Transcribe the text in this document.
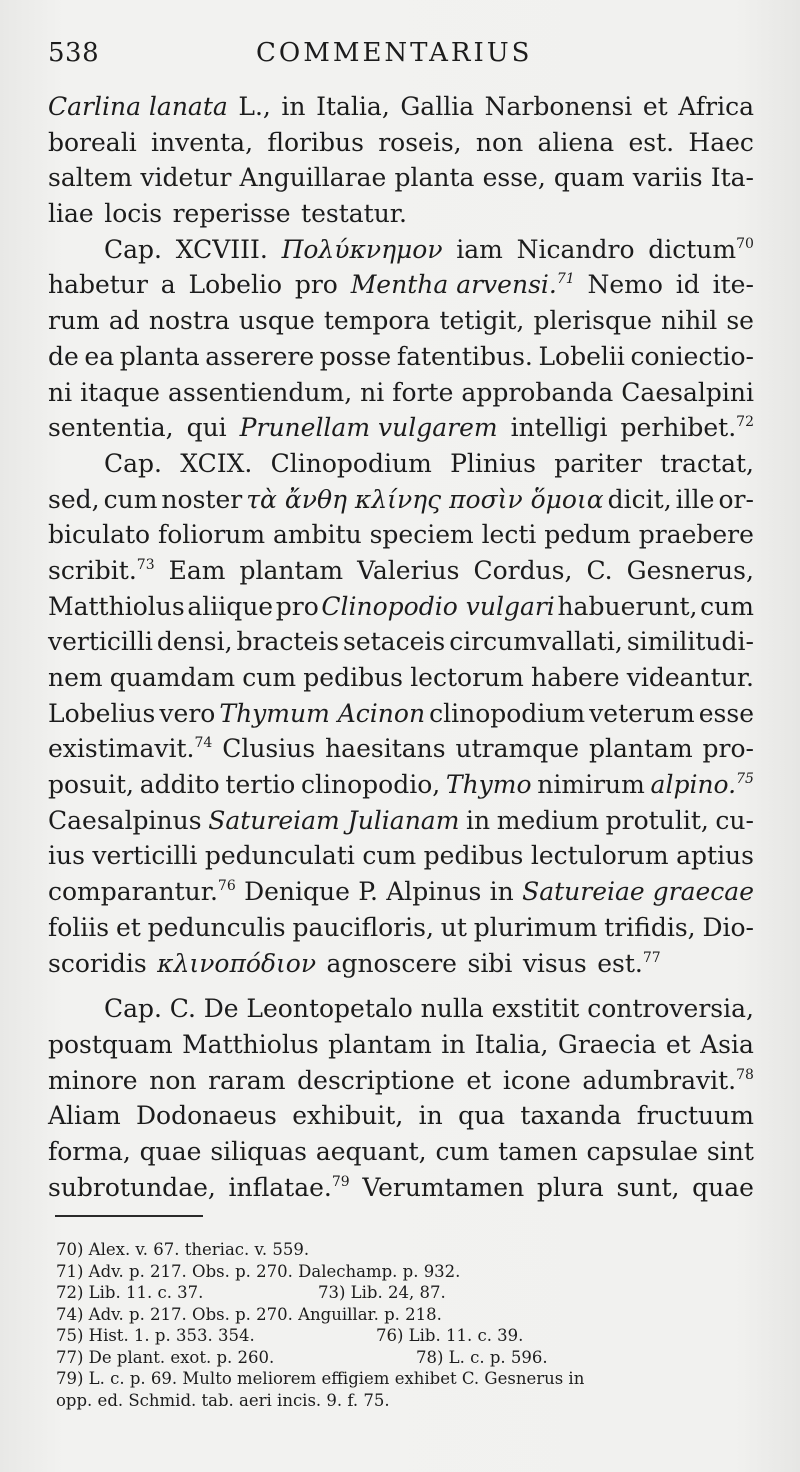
538	COMMENTARIUS
Carlina lanata L., in Italia, Gallia Narbonensi et Africa
boreali inventa, floribus roseis, non aliena est. Haec
saltem videtur Anguillarae planta esse, quam variis Ita-
liae locis reperisse testatur.
Cap. XCVIII. Πολύκνημον iam Nicandro dictum$^{70}$
habetur a Lobelio pro Mentha arvensi.$^{71}$ Nemo id ite-
rum ad nostra usque tempora tetigit, plerisque nihil se
de ea planta asserere posse fatentibus. Lobelii coniectio-
ni itaque assentiendum, ni forte approbanda Caesalpini
sententia, qui Prunellam vulgarem intelligi perhibet.$^{72}$
Cap. XCIX. Clinopodium Plinius pariter tractat,
sed, cum noster τὰ ἄνθη κλίνης ποσὶν ὅμοια dicit, ille or-
biculato foliorum ambitu speciem lecti pedum praebere
scribit.$^{73}$ Eam plantam Valerius Cordus, C. Gesnerus,
Matthiolus aliique pro Clinopodio vulgari habuerunt, cum
verticilli densi, bracteis setaceis circumvallati, similitudi-
nem quamdam cum pedibus lectorum habere videantur.
Lobelius vero Thymum Acinon clinopodium veterum esse
existimavit.$^{74}$ Clusius haesitans utramque plantam pro-
posuit, addito tertio clinopodio, Thymo nimirum alpino.$^{75}$
Caesalpinus Satureiam Julianam in medium protulit, cu-
ius verticilli pedunculati cum pedibus lectulorum aptius
comparantur.$^{76}$ Denique P. Alpinus in Satureiae graecae
foliis et pedunculis paucifloris, ut plurimum trifidis, Dio-
scoridis κλινοπόδιον agnoscere sibi visus est.$^{77}$
Cap. C. De Leontopetalo nulla exstitit controversia,
postquam Matthiolus plantam in Italia, Graecia et Asia
minore non raram descriptione et icone adumbravit.$^{78}$
Aliam Dodonaeus exhibuit, in qua taxanda fructuum
forma, quae siliquas aequant, cum tamen capsulae sint
subrotundae, inflatae.$^{79}$ Verumtamen plura sunt, quae
70) Alex. v. 67. theriac. v. 559.
71) Adv. p. 217. Obs. p. 270. Dalechamp. p. 932.
72) Lib. 11. c. 37.	73) Lib. 24, 87.
74) Adv. p. 217. Obs. p. 270. Anguillar. p. 218.
75) Hist. 1. p. 353. 354.	76) Lib. 11. c. 39.
77) De plant. exot. p. 260.	78) L. c. p. 596.
79) L. c. p. 69. Multo meliorem effigiem exhibet C. Gesnerus in
opp. ed. Schmid. tab. aeri incis. 9. f. 75.
